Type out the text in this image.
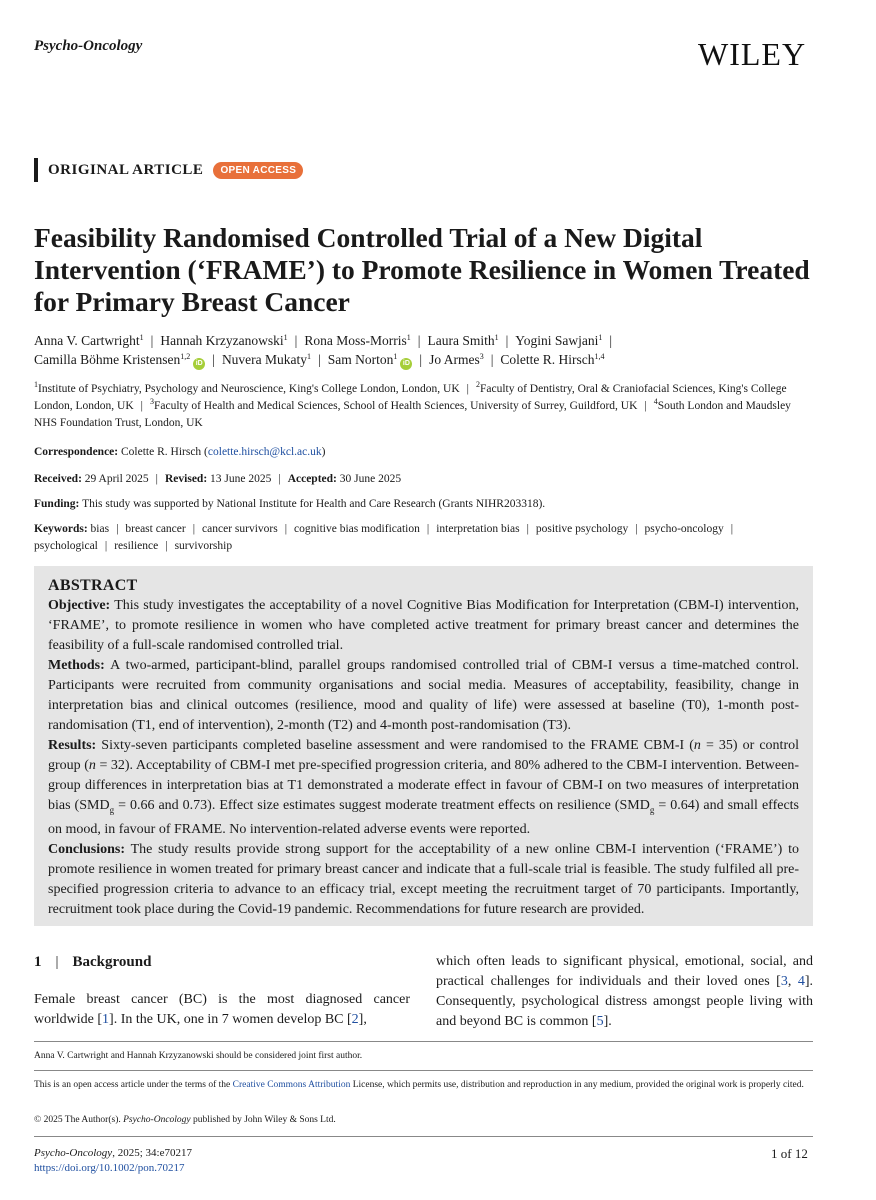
Psycho-Oncology	WILEY
ORIGINAL ARTICLE	OPEN ACCESS
Feasibility Randomised Controlled Trial of a New Digital Intervention (‘FRAME’) to Promote Resilience in Women Treated for Primary Breast Cancer
Anna V. Cartwright$^1$ | Hannah Krzyzanowski$^1$ | Rona Moss-Morris$^1$ | Laura Smith$^1$ | Yogini Sawjani$^1$ |
Camilla Böhme Kristensen$^{1,2}$iD | Nuvera Mukaty$^1$ | Sam Norton$^1$iD | Jo Armes$^3$ | Colette R. Hirsch$^{1,4}$
$^1$Institute of Psychiatry, Psychology and Neuroscience, King's College London, London, UK | $^2$Faculty of Dentistry, Oral & Craniofacial Sciences, King's College London, London, UK | $^3$Faculty of Health and Medical Sciences, School of Health Sciences, University of Surrey, Guildford, UK | $^4$South London and Maudsley NHS Foundation Trust, London, UK
Correspondence: Colette R. Hirsch (colette.hirsch@kcl.ac.uk)
Received: 29 April 2025 | Revised: 13 June 2025 | Accepted: 30 June 2025
Funding: This study was supported by National Institute for Health and Care Research (Grants NIHR203318).
Keywords: bias | breast cancer | cancer survivors | cognitive bias modification | interpretation bias | positive psychology | psycho-oncology |
psychological | resilience | survivorship
ABSTRACT

Objective: This study investigates the acceptability of a novel Cognitive Bias Modification for Interpretation (CBM-I) intervention, ‘FRAME’, to promote resilience in women who have completed active treatment for primary breast cancer and determines the feasibility of a full-scale randomised controlled trial.

Methods: A two-armed, participant-blind, parallel groups randomised controlled trial of CBM-I versus a time-matched control. Participants were recruited from community organisations and social media. Measures of acceptability, feasibility, change in interpretation bias and clinical outcomes (resilience, mood and quality of life) were assessed at baseline (T0), 1-month post-randomisation (T1, end of intervention), 2-month (T2) and 4-month post-randomisation (T3).

Results: Sixty-seven participants completed baseline assessment and were randomised to the FRAME CBM-I (n = 35) or control group (n = 32). Acceptability of CBM-I met pre-specified progression criteria, and 80% adhered to the CBM-I intervention. Between-group differences in interpretation bias at T1 demonstrated a moderate effect in favour of CBM-I on two measures of interpretation bias ($SMD_g = 0.66$ and 0.73). Effect size estimates suggest moderate treatment effects on resilience $(SMD_g = 0.64)$ and small effects on mood, in favour of FRAME. No intervention-related adverse events were reported.

Conclusions: The study results provide strong support for the acceptability of a new online CBM-I intervention (‘FRAME’) to promote resilience in women treated for primary breast cancer and indicate that a full-scale trial is feasible. The study fulfiled all pre-specified progression criteria to advance to an efficacy trial, except meeting the recruitment target of 70 participants. Importantly, recruitment took place during the Covid-19 pandemic. Recommendations for future research are provided.

1 | Background
Female breast cancer (BC) is the most diagnosed cancer worldwide [1]. In the UK, one in 7 women develop BC [2],
which often leads to significant physical, emotional, social, and practical challenges for individuals and their loved ones [3, 4]. Consequently, psychological distress amongst people living with and beyond BC is common [5].
Anna V. Cartwright and Hannah Krzyzanowski should be considered joint first author.
This is an open access article under the terms of the Creative Commons Attribution License, which permits use, distribution and reproduction in any medium, provided the original work is properly cited.
© 2025 The Author(s). Psycho-Oncology published by John Wiley & Sons Ltd.
Psycho-Oncology, 2025; 34:e70217
https://doi.org/10.1002/pon.70217
1 of 12
